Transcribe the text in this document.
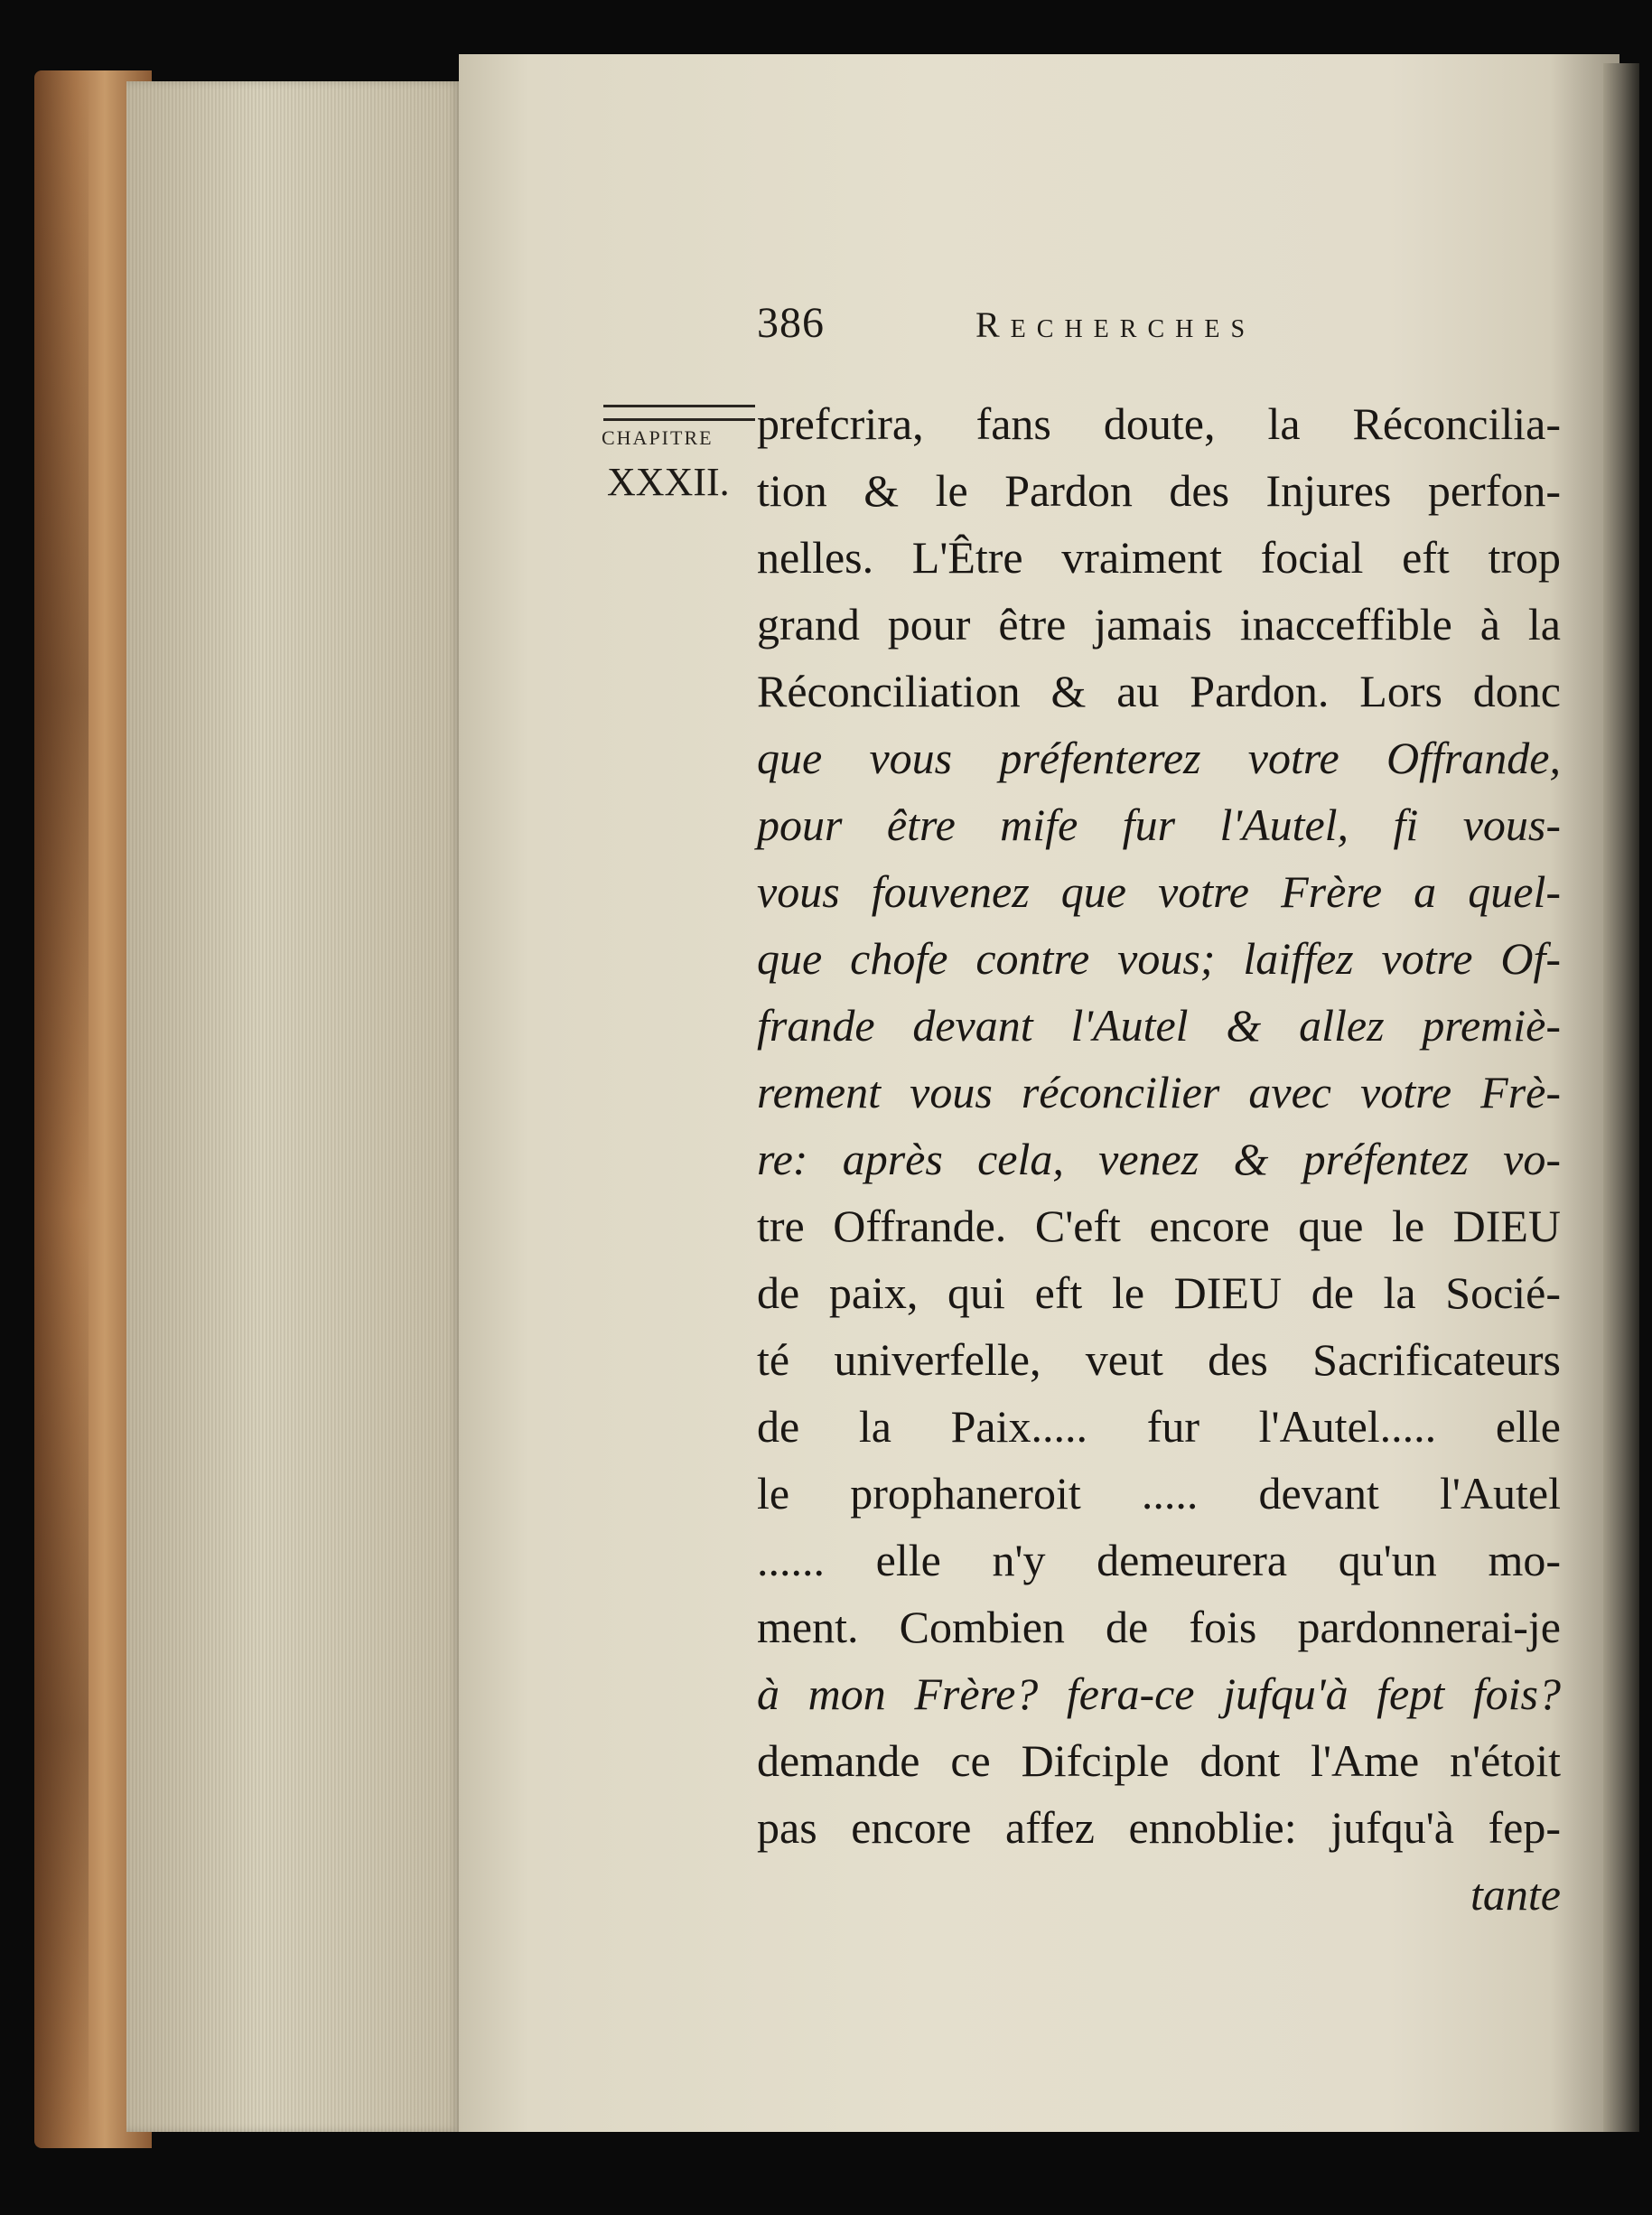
386	Recherches
CHAPITRE
XXXII.
prefcrira, fans doute, la Réconcilia-
tion & le Pardon des Injures perfon-
nelles. L'Être vraiment focial eft trop
grand pour être jamais inacceffible à la
Réconciliation & au Pardon. Lors donc
que vous préfenterez votre Offrande,
pour être mife fur l'Autel, fi vous-
vous fouvenez que votre Frère a quel-
que chofe contre vous; laiffez votre Of-
frande devant l'Autel & allez premiè-
rement vous réconcilier avec votre Frè-
re: après cela, venez & préfentez vo-
tre Offrande. C'eft encore que le DIEU
de paix, qui eft le DIEU de la Socié-
té univerfelle, veut des Sacrificateurs
de la Paix..... fur l'Autel..... elle
le prophaneroit ..... devant l'Autel
...... elle n'y demeurera qu'un mo-
ment. Combien de fois pardonnerai-je
à mon Frère? fera-ce jufqu'à fept fois?
demande ce Difciple dont l'Ame n'étoit
pas encore affez ennoblie: jufqu'à fep-
tante
